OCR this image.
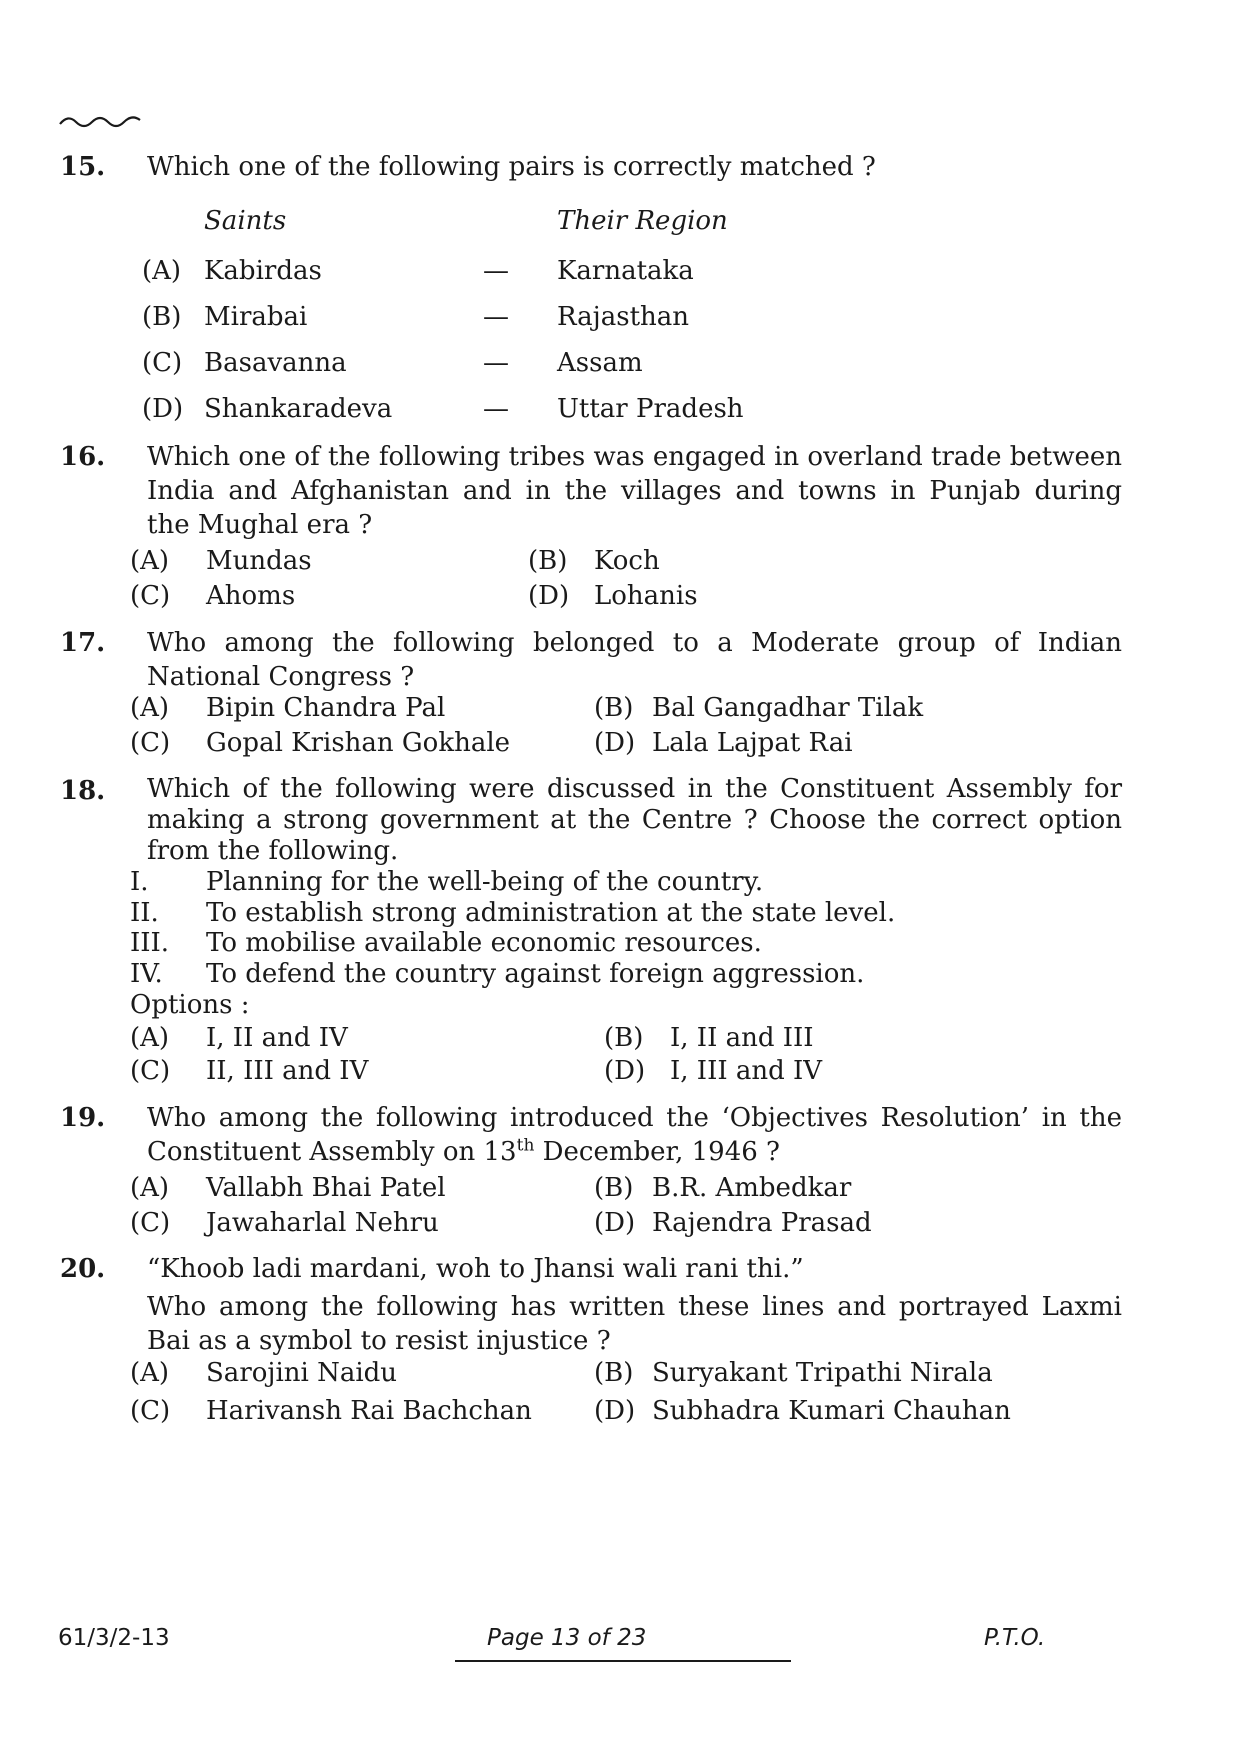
15.	Which one of the following pairs is correctly matched ?
Saints	Their Region
(A) Kabirdas	— Karnataka
(B) Mirabai	— Rajasthan
(C) Basavanna	— Assam
(D) Shankaradeva	— Uttar Pradesh
16.	Which one of the following tribes was engaged in overland trade between
India and Afghanistan and in the villages and towns in Punjab during
the Mughal era ?
(A) Mundas	(B) Koch
(C) Ahoms	(D) Lohanis
17.	Who among the following belonged to a Moderate group of Indian
National Congress ?
(A) Bipin Chandra Pal	(B) Bal Gangadhar Tilak
(C) Gopal Krishan Gokhale	(D) Lala Lajpat Rai
18.	Which of the following were discussed in the Constituent Assembly for
making a strong government at the Centre ? Choose the correct option
from the following.
I. Planning for the well-being of the country.
II. To establish strong administration at the state level.
III. To mobilise available economic resources.
IV. To defend the country against foreign aggression.
Options :
(A) I, II and IV	(B) I, II and III
(C) II, III and IV	(D) I, III and IV
19.	Who among the following introduced the ‘Objectives Resolution’ in the
Constituent Assembly on 13th December, 1946 ?
(A) Vallabh Bhai Patel	(B) B.R. Ambedkar
(C) Jawaharlal Nehru	(D) Rajendra Prasad
20.	“Khoob ladi mardani, woh to Jhansi wali rani thi.”
Who among the following has written these lines and portrayed Laxmi
Bai as a symbol to resist injustice ?
(A) Sarojini Naidu	(B) Suryakant Tripathi Nirala
(C) Harivansh Rai Bachchan (D) Subhadra Kumari Chauhan
61/3/2-13	Page 13 of 23	P.T.O.
